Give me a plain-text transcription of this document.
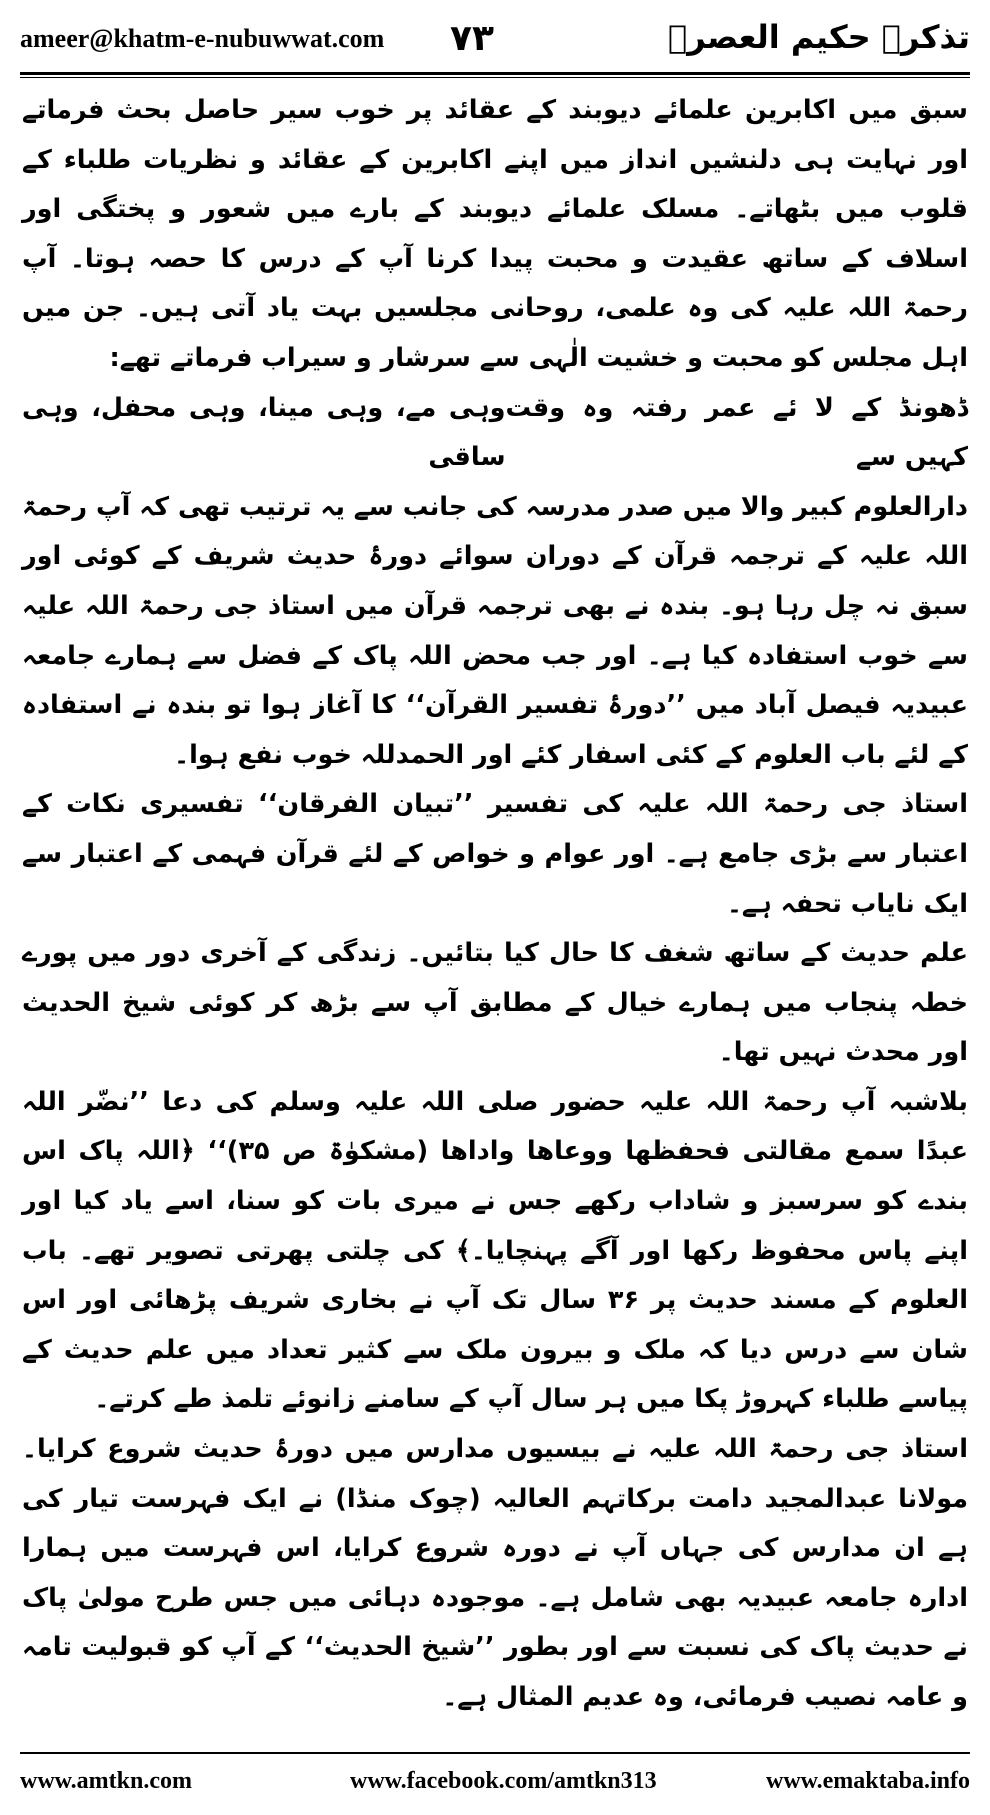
ameer@khatm-e-nubuwwat.com ۷۳	تذکرہ حکیم العصرؒ

سبق میں اکابرین علمائے دیوبند کے عقائد پر خوب سیر حاصل بحث فرماتے اور نہایت ہی دلنشیں انداز میں اپنے اکابرین کے عقائد و نظریات طلباء کے قلوب میں بٹھاتے۔ مسلک علمائے دیوبند کے بارے میں شعور و پختگی اور اسلاف کے ساتھ عقیدت و محبت پیدا کرنا آپ کے درس کا حصہ ہوتا۔ آپ رحمۃ اللہ علیہ کی وہ علمی، روحانی مجلسیں بہت یاد آتی ہیں۔ جن میں اہل مجلس کو محبت و خشیت الٰہی سے سرشار و سیراب فرماتے تھے:

ڈھونڈ کے لا ئے عمر رفتہ وہ وقت کہیں سے
وہی مے، وہی مینا، وہی محفل، وہی ساقی

دارالعلوم کبیر والا میں صدر مدرسہ کی جانب سے یہ ترتیب تھی کہ آپ رحمۃ اللہ علیہ کے ترجمہ قرآن کے دوران سوائے دورۂ حدیث شریف کے کوئی اور سبق نہ چل رہا ہو۔ بندہ نے بھی ترجمہ قرآن میں استاذ جی رحمۃ اللہ علیہ سے خوب استفادہ کیا ہے۔ اور جب محض اللہ پاک کے فضل سے ہمارے جامعہ عبیدیہ فیصل آباد میں ’’دورۂ تفسیر القرآن‘‘ کا آغاز ہوا تو بندہ نے استفادہ کے لئے باب العلوم کے کئی اسفار کئے اور الحمدللہ خوب نفع ہوا۔

استاذ جی رحمۃ اللہ علیہ کی تفسیر ’’تبیان الفرقان‘‘ تفسیری نکات کے اعتبار سے بڑی جامع ہے۔ اور عوام و خواص کے لئے قرآن فہمی کے اعتبار سے ایک نایاب تحفہ ہے۔

علم حدیث کے ساتھ شغف کا حال کیا بتائیں۔ زندگی کے آخری دور میں پورے خطہ پنجاب میں ہمارے خیال کے مطابق آپ سے بڑھ کر کوئی شیخ الحدیث اور محدث نہیں تھا۔

بلاشبہ آپ رحمۃ اللہ علیہ حضور صلی اللہ علیہ وسلم کی دعا ’’نضّر اللہ عبدًا سمع مقالتی فحفظھا ووعاھا واداھا (مشکوٰۃ ص ۳۵)‘‘ ﴿اللہ پاک اس بندے کو سرسبز و شاداب رکھے جس نے میری بات کو سنا، اسے یاد کیا اور اپنے پاس محفوظ رکھا اور آگے پہنچایا۔﴾ کی چلتی پھرتی تصویر تھے۔ باب العلوم کے مسند حدیث پر ۳۶ سال تک آپ نے بخاری شریف پڑھائی اور اس شان سے درس دیا کہ ملک و بیرون ملک سے کثیر تعداد میں علم حدیث کے پیاسے طلباء کہروڑ پکا میں ہر سال آپ کے سامنے زانوئے تلمذ طے کرتے۔

استاذ جی رحمۃ اللہ علیہ نے بیسیوں مدارس میں دورۂ حدیث شروع کرایا۔ مولانا عبدالمجید دامت برکاتہم العالیہ (چوک منڈا) نے ایک فہرست تیار کی ہے ان مدارس کی جہاں آپ نے دورہ شروع کرایا، اس فہرست میں ہمارا ادارہ جامعہ عبیدیہ بھی شامل ہے۔ موجودہ دہائی میں جس طرح مولیٰ پاک نے حدیث پاک کی نسبت سے اور بطور ’’شیخ الحدیث‘‘ کے آپ کو قبولیت تامہ و عامہ نصیب فرمائی، وہ عدیم المثال ہے۔

www.amtkn.com	www.facebook.com/amtkn313	www.emaktaba.info
